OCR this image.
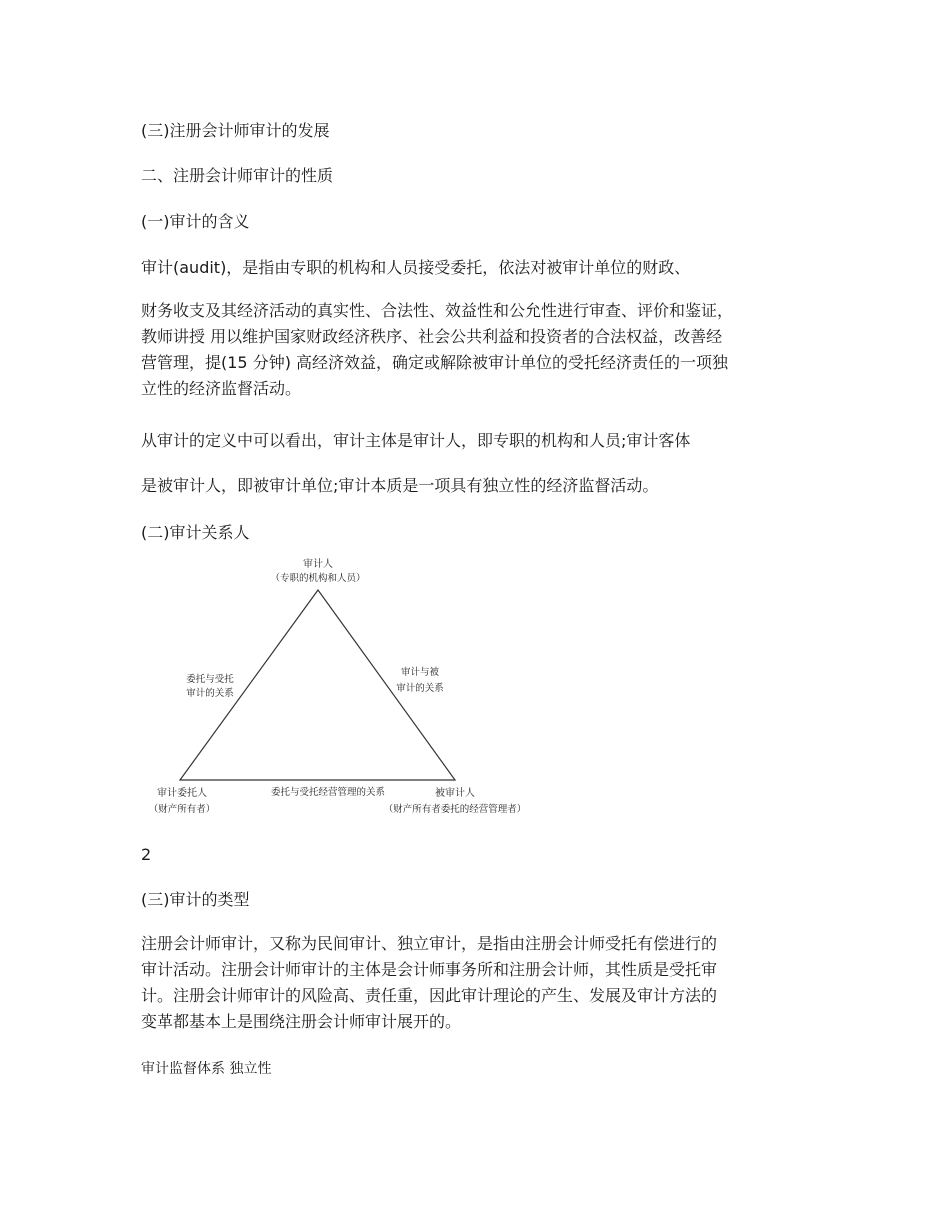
(三)注册会计师审计的发展

二、注册会计师审计的性质

(一)审计的含义

审计(audit)，是指由专职的机构和人员接受委托，依法对被审计单位的财政、

财务收支及其经济活动的真实性、合法性、效益性和公允性进行审查、评价和鉴证，
教师讲授 用以维护国家财政经济秩序、社会公共利益和投资者的合法权益，改善经
营管理，提(15 分钟) 高经济效益，确定或解除被审计单位的受托经济责任的一项独
立性的经济监督活动。

从审计的定义中可以看出，审计主体是审计人，即专职的机构和人员;审计客体

是被审计人，即被审计单位;审计本质是一项具有独立性的经济监督活动。

(二)审计关系人

审计人
（专职的机构和人员）
委托与受托
审计的关系
审计与被
审计的关系
委托与受托经营管理的关系
审计委托人
（财产所有者）
被审计人
（财产所有者委托的经营管理者）

2

(三)审计的类型

注册会计师审计，又称为民间审计、独立审计，是指由注册会计师受托有偿进行的
审计活动。注册会计师审计的主体是会计师事务所和注册会计师，其性质是受托审
计。注册会计师审计的风险高、责任重，因此审计理论的产生、发展及审计方法的
变革都基本上是围绕注册会计师审计展开的。

审计监督体系 独立性
